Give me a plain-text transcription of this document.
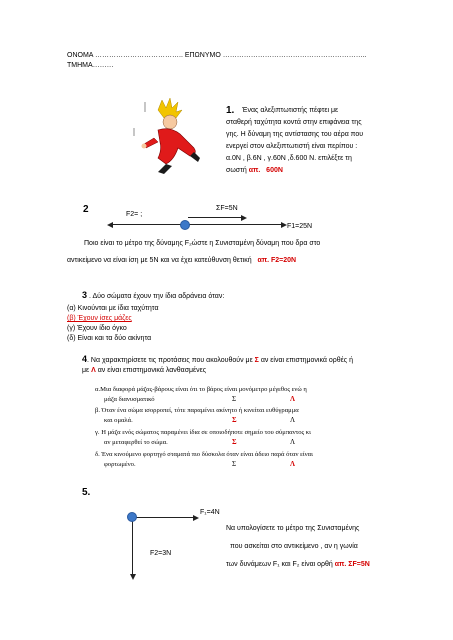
ΟΝΟΜΑ ……………………………….. ΕΠΩΝΥΜΟ ……………………………………………………..
ΤΜΗΜΑ………
1. Ένας αλεξιπτωτιστής πέφτει με
σταθερή ταχύτητα κοντά στην επιφάνεια της
γης. Η δύναμη της αντίστασης του αέρα που
ενεργεί στον αλεξιπτωτιστή είναι περίπου :
α.0N , β.6N , γ.60N ,δ.600 N. επιλέξτε τη
σωστή απ. 600N
2	F2= ;
ΣF=5N
F1=25N
Ποιο είναι το μέτρο της δύναμης F₂ώστε η Συνισταμένη δύναμη που δρα στο
αντικείμενο να είναι ίση με 5N και να έχει κατεύθυνση θετική απ. F2=20N
3 . Δύο σώματα έχουν την ίδια αδράνεια όταν:
(α) Κινούνται με ίδια ταχύτητα
(β) Έχουν ίσες μάζες
(γ) Έχουν ίδιο όγκο
(δ) Είναι και τα δύο ακίνητα
4. Να χαρακτηρίσετε τις προτάσεις που ακολουθούν με Σ αν είναι επιστημονικά ορθές ή
με Λ αν είναι επιστημονικά λανθασμένες
α.Μια διαφορά μάζας-βάρους είναι ότι το βάρος είναι μονόμετρο μέγεθος ενώ η
μάζα διανυσματικό	Σ	Λ
β. Όταν ένα σώμα ισορροπεί, τότε παραμένει ακίνητο ή κινείται ευθύγραμμα
και ομαλά.	Σ	Λ
γ. Η μάζα ενός σώματος παραμένει ίδια σε οποιοδήποτε σημείο του σύμπαντος κι
αν μεταφερθεί το σώμα.	Σ	Λ
δ. Ένα κινούμενο φορτηγό σταματά πιο δύσκολα όταν είναι άδειο παρά όταν είναι
φορτωμένο.	Σ	Λ
5.
F₁=4N
F2=3N
Να υπολογίσετε το μέτρο της Συνισταμένης
που ασκείται στο αντικείμενο , αν η γωνία
των δυνάμεων F₁ και F₂ είναι ορθή απ. ΣF=5N
